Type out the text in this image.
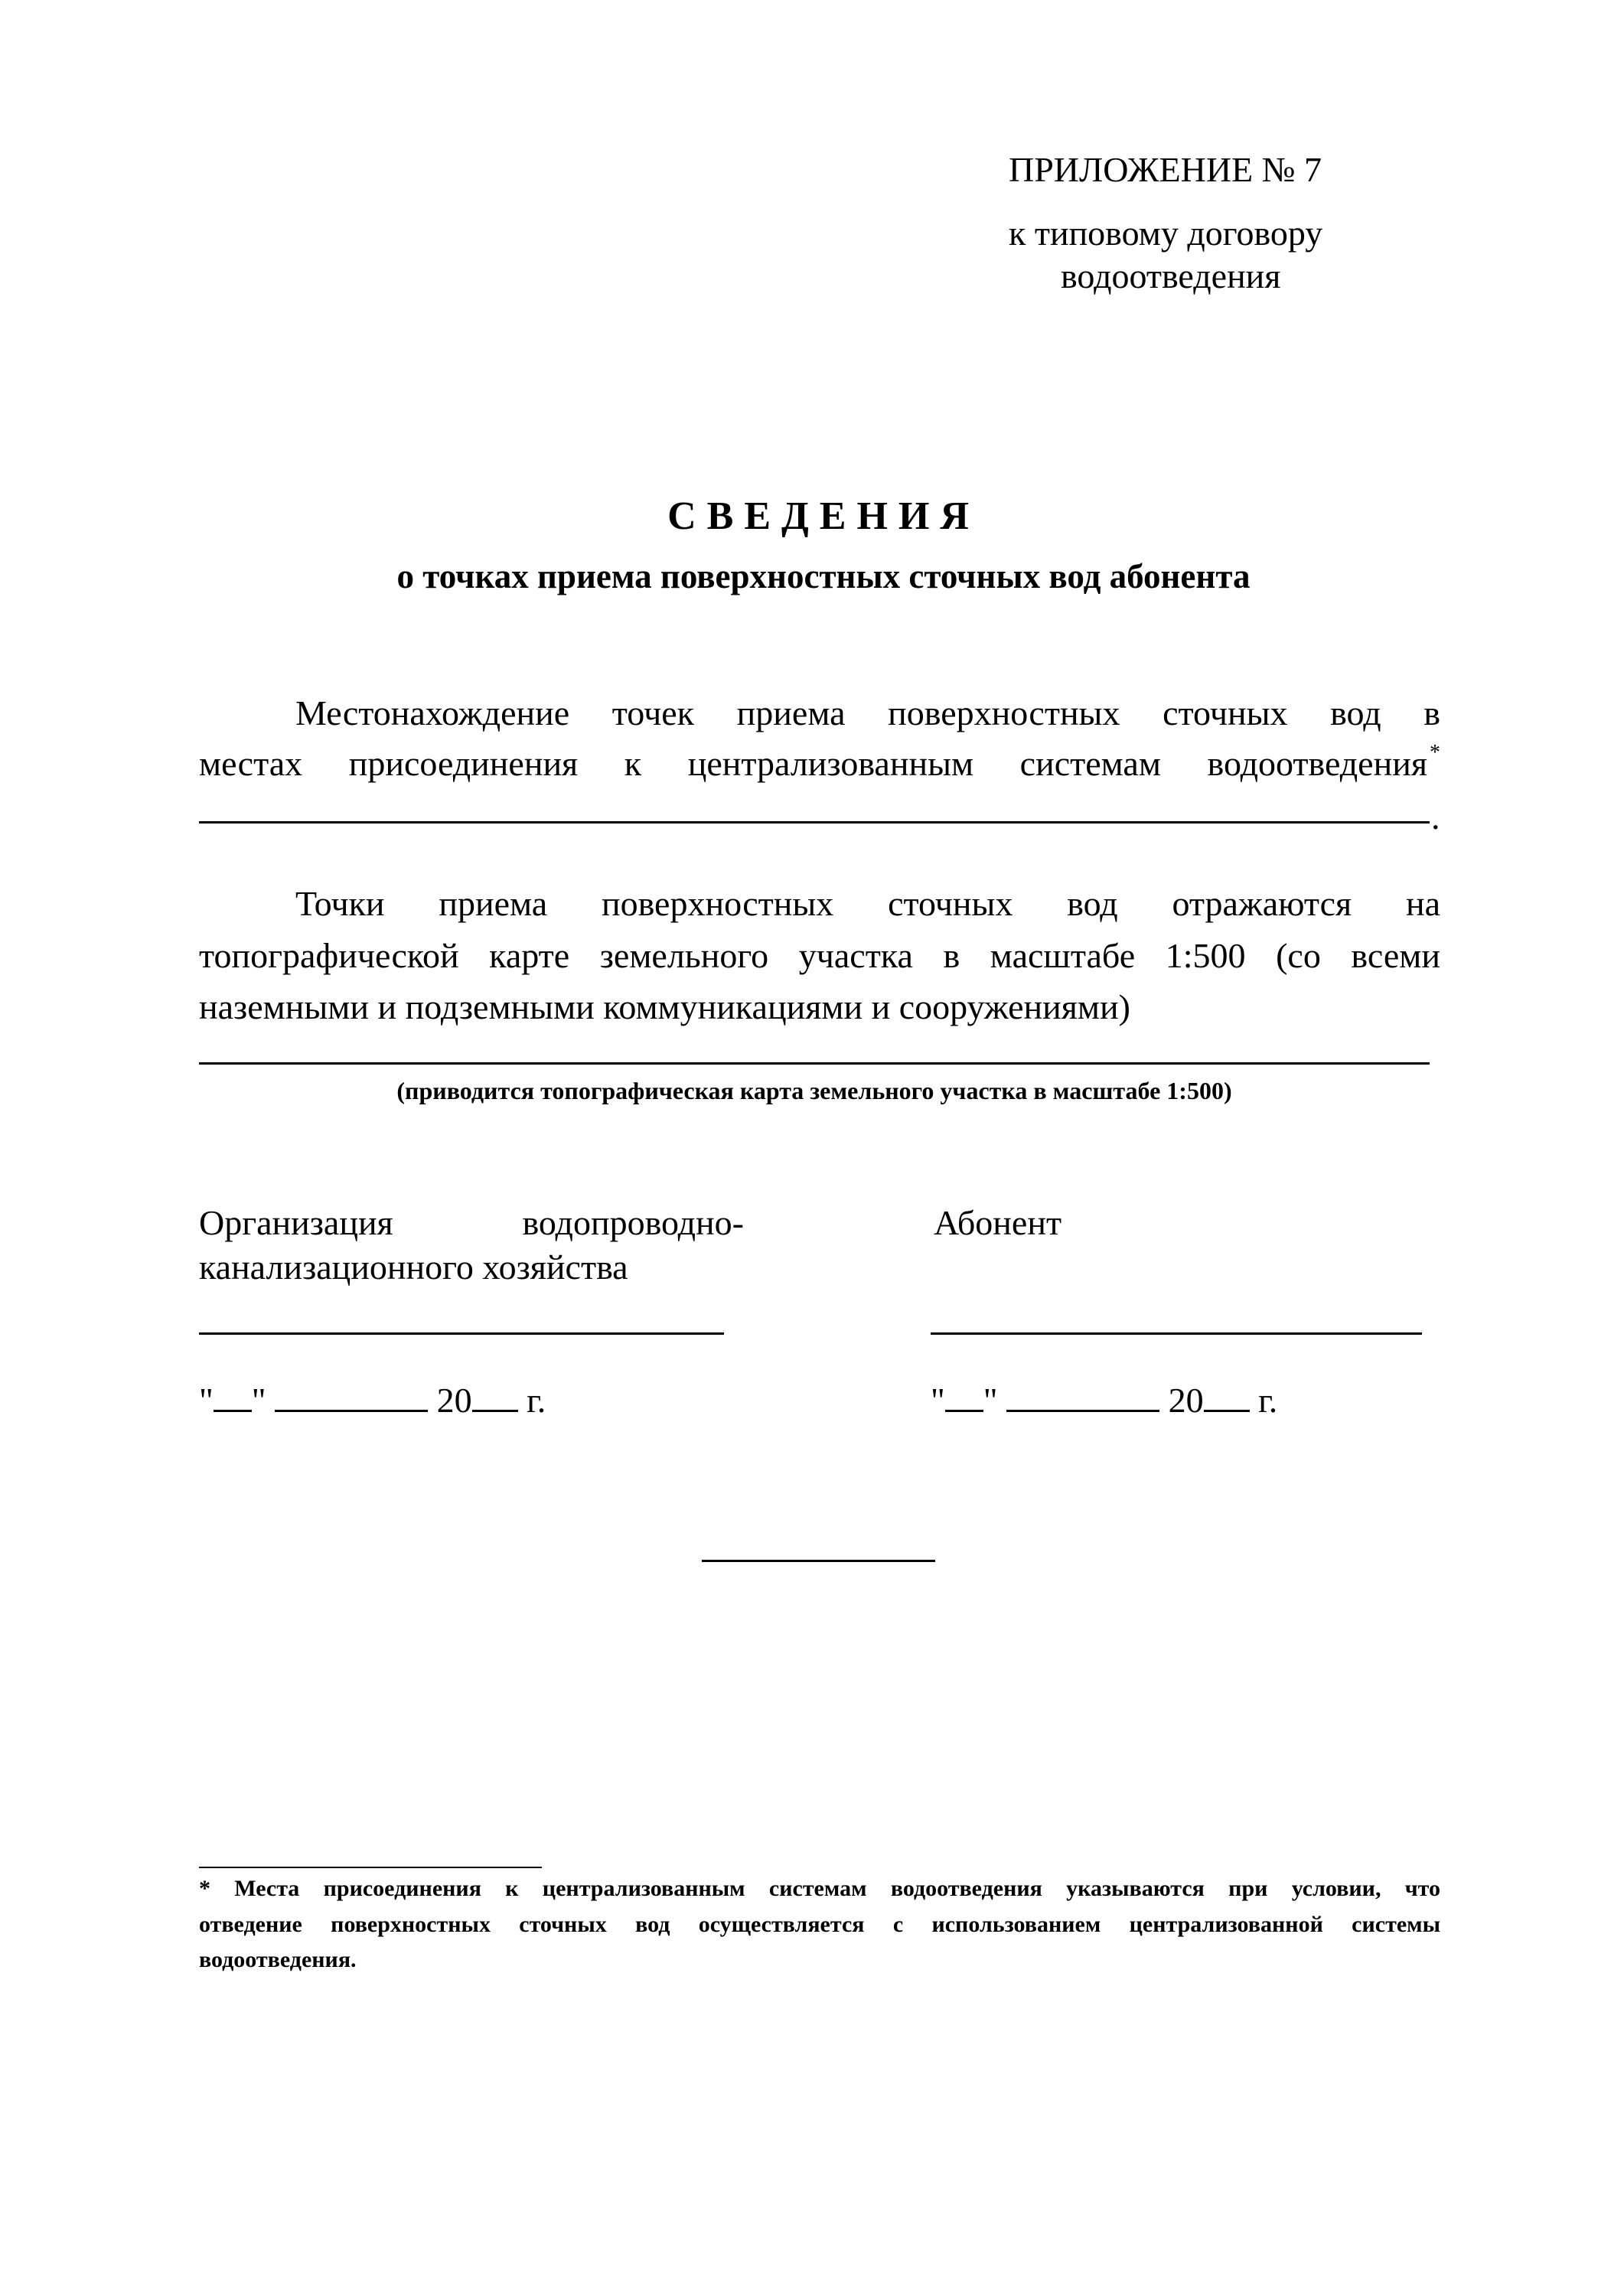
ПРИЛОЖЕНИЕ № 7
к типовому договору
водоотведения
СВЕДЕНИЯ
о точках приема поверхностных сточных вод абонента
Местонахождение точек приема поверхностных сточных вод в
местах присоединения к централизованным системам водоотведения *
.
Точки приема поверхностных сточных вод отражаются на
топографической карте земельного участка в масштабе 1:500 (со всеми
наземными и подземными коммуникациями и сооружениями)
(приводится топографическая карта земельного участка в масштабе 1:500)
Организация водопроводно-
канализационного хозяйства
Абонент
" "	20 г.	" "	20 г.
* Места присоединения к централизованным системам водоотведения указываются при условии, что
отведение поверхностных сточных вод осуществляется с использованием централизованной системы
водоотведения.
